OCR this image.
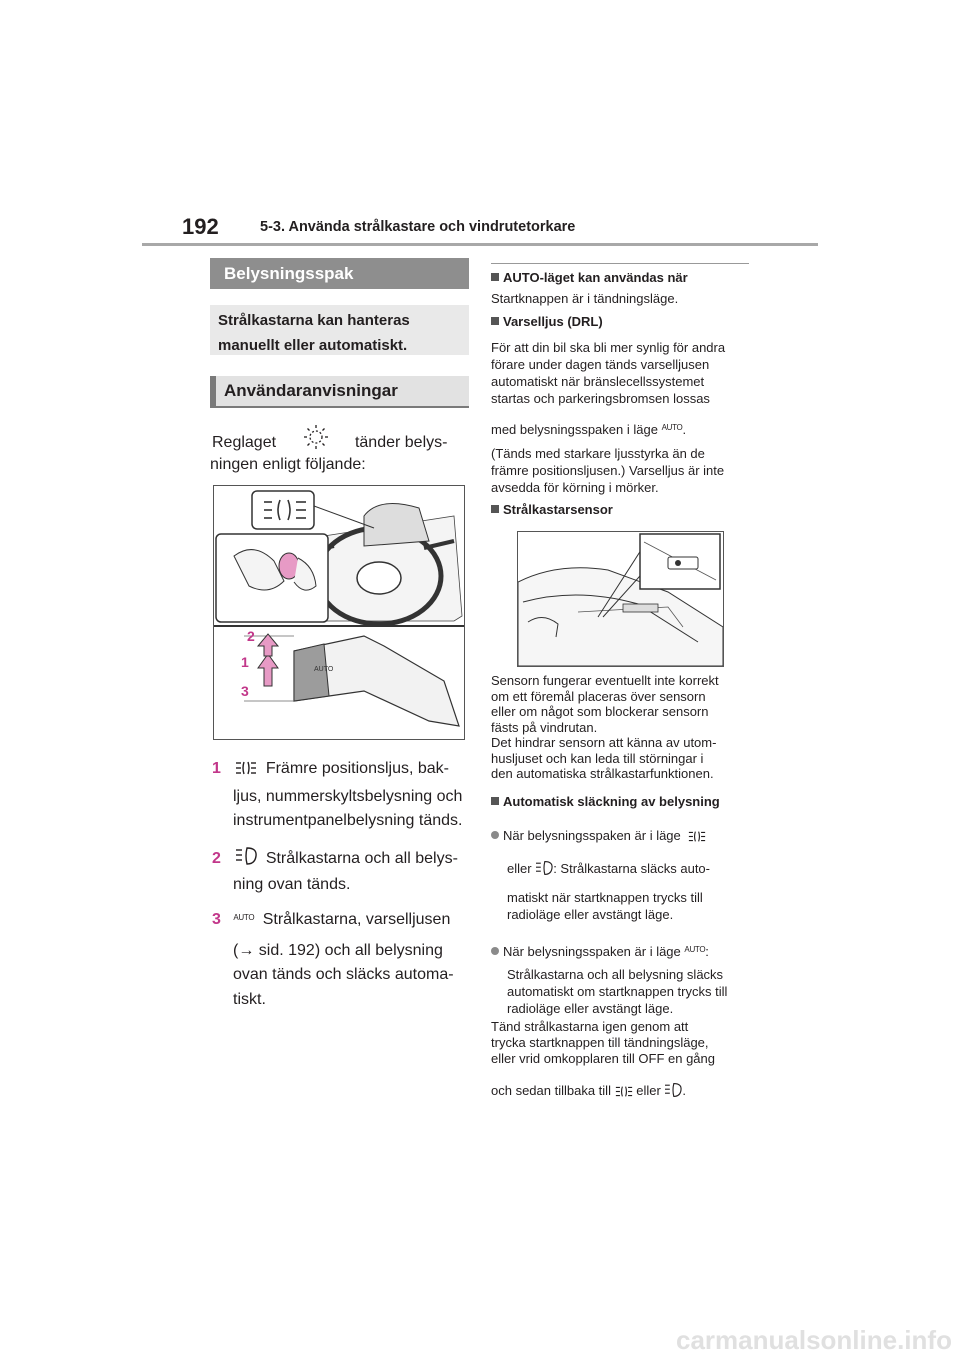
192	5-3. Använda strålkastare och vindrutetorkare
Belysningsspak
Strålkastarna kan hanteras
manuellt eller automatiskt.
Användaranvisningar
Reglaget	tänder belys-
ningen enligt följande:
AUTO
2
1
3
1	Främre positionsljus, bak-
ljus, nummerskyltsbelysning och
instrumentpanelbelysning tänds.
2	Strålkastarna och all belys-
ning ovan tänds.
3 $^{AUTO}$ Strålkastarna, varselljusen
(→ sid. 192) och all belysning
ovan tänds och släcks automa-
tiskt.
AUTO-läget kan användas när
Startknappen är i tändningsläge.
Varselljus (DRL)
För att din bil ska bli mer synlig för andra
förare under dagen tänds varselljusen
automatiskt när bränslecellssystemet
startas och parkeringsbromsen lossas
med belysningsspaken i läge $^{AUTO}$.
(Tänds med starkare ljusstyrka än de
främre positionsljusen.) Varselljus är inte
avsedda för körning i mörker.
Strålkastarsensor
Sensorn fungerar eventuellt inte korrekt
om ett föremål placeras över sensorn
eller om något som blockerar sensorn
fästs på vindrutan.
Det hindrar sensorn att känna av utom-
husljuset och kan leda till störningar i
den automatiska strålkastarfunktionen.
Automatisk släckning av belysning
När belysningsspaken är i läge
eller : Strålkastarna släcks auto-
matiskt när startknappen trycks till
radioläge eller avstängt läge.
När belysningsspaken är i läge $^{AUTO}$:
Strålkastarna och all belysning släcks
automatiskt om startknappen trycks till
radioläge eller avstängt läge.
Tänd strålkastarna igen genom att
trycka startknappen till tändningsläge,
eller vrid omkopplaren till OFF en gång
och sedan tillbaka till eller .
carmanualsonline.info
